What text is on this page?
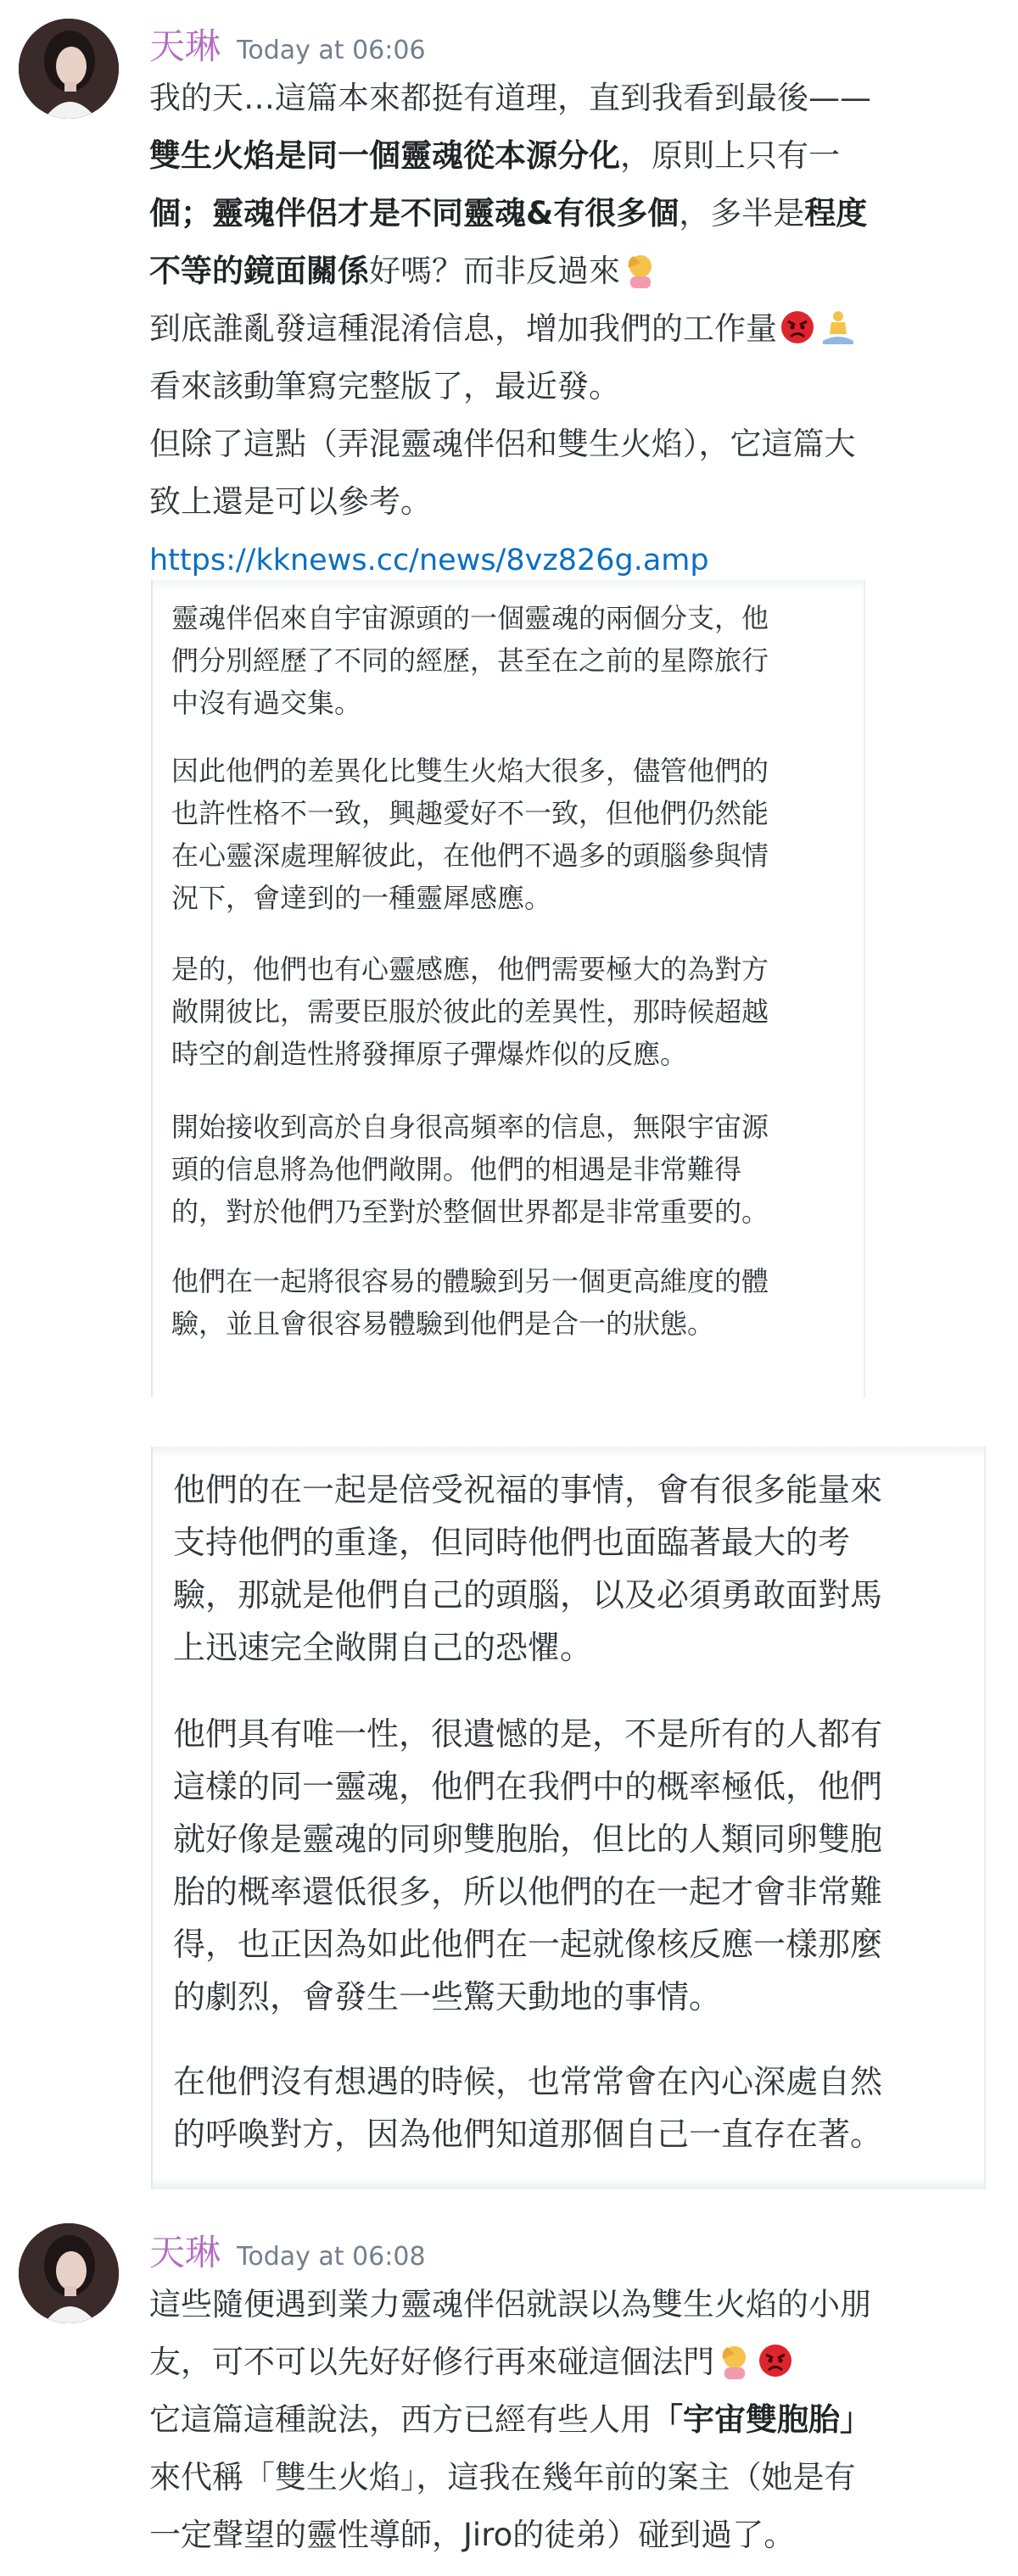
天琳 Today at 06:06
我的天…這篇本來都挺有道理，直到我看到最後——
雙生火焰是同一個靈魂從本源分化，原則上只有一
個；靈魂伴侶才是不同靈魂&有很多個，多半是程度
不等的鏡面關係好嗎？而非反過來
到底誰亂發這種混淆信息，增加我們的工作量
看來該動筆寫完整版了，最近發。
但除了這點（弄混靈魂伴侶和雙生火焰），它這篇大
致上還是可以參考。
https://kknews.cc/news/8vz826g.amp
靈魂伴侶來自宇宙源頭的一個靈魂的兩個分支，他
們分別經歷了不同的經歷，甚至在之前的星際旅行
中沒有過交集。
因此他們的差異化比雙生火焰大很多，儘管他們的
也許性格不一致，興趣愛好不一致，但他們仍然能
在心靈深處理解彼此，在他們不過多的頭腦參與情
況下，會達到的一種靈犀感應。
是的，他們也有心靈感應，他們需要極大的為對方
敞開彼比，需要臣服於彼此的差異性，那時候超越
時空的創造性將發揮原子彈爆炸似的反應。
開始接收到高於自身很高頻率的信息，無限宇宙源
頭的信息將為他們敞開。他們的相遇是非常難得
的，對於他們乃至對於整個世界都是非常重要的。
他們在一起將很容易的體驗到另一個更高維度的體
驗，並且會很容易體驗到他們是合一的狀態。
他們的在一起是倍受祝福的事情，會有很多能量來
支持他們的重逢，但同時他們也面臨著最大的考
驗，那就是他們自己的頭腦，以及必須勇敢面對馬
上迅速完全敞開自己的恐懼。
他們具有唯一性，很遺憾的是，不是所有的人都有
這樣的同一靈魂，他們在我們中的概率極低，他們
就好像是靈魂的同卵雙胞胎，但比的人類同卵雙胞
胎的概率還低很多，所以他們的在一起才會非常難
得，也正因為如此他們在一起就像核反應一樣那麼
的劇烈，會發生一些驚天動地的事情。
在他們沒有想遇的時候，也常常會在內心深處自然
的呼喚對方，因為他們知道那個自己一直存在著。
天琳 Today at 06:08
這些隨便遇到業力靈魂伴侶就誤以為雙生火焰的小朋
友，可不可以先好好修行再來碰這個法門
它這篇這種說法，西方已經有些人用「宇宙雙胞胎」
來代稱「雙生火焰」，這我在幾年前的案主（她是有
一定聲望的靈性導師，Jiro的徒弟）碰到過了。
